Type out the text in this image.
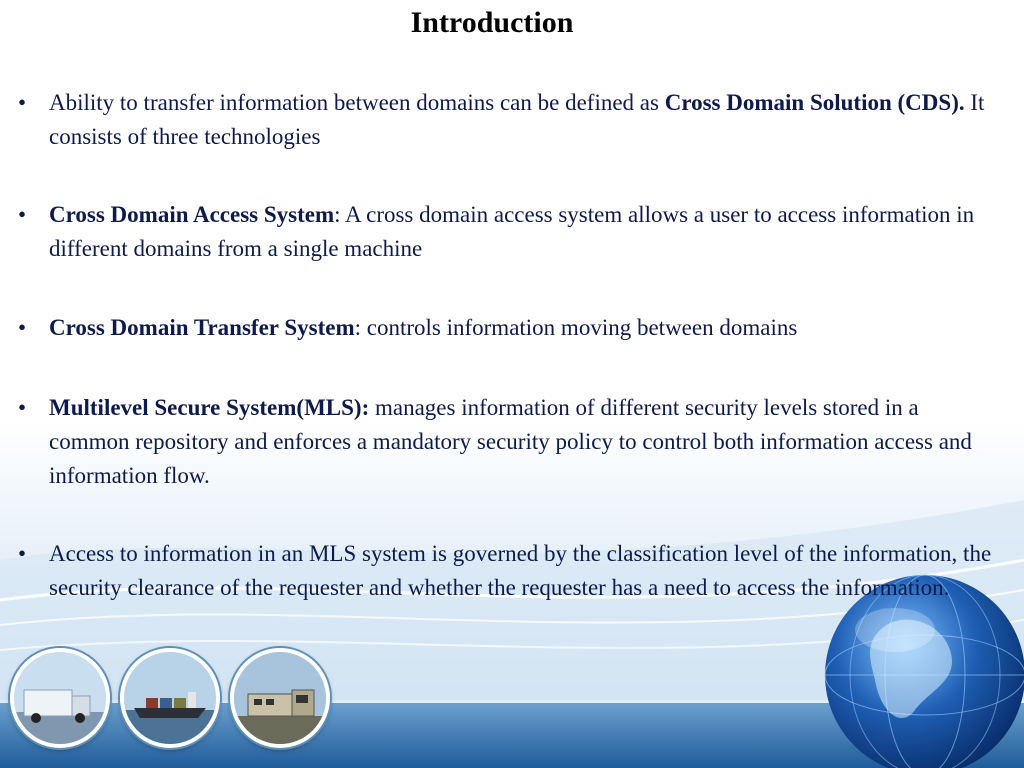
Introduction
• Ability to transfer information between domains can be defined as Cross Domain Solution (CDS). It consists of three technologies
• Cross Domain Access System: A cross domain access system allows a user to access information in different domains from a single machine
• Cross Domain Transfer System: controls information moving between domains
• Multilevel Secure System(MLS): manages information of different security levels stored in a common repository and enforces a mandatory security policy to control both information access and information flow.
• Access to information in an MLS system is governed by the classification level of the information, the security clearance of the requester and whether the requester has a need to access the information.
